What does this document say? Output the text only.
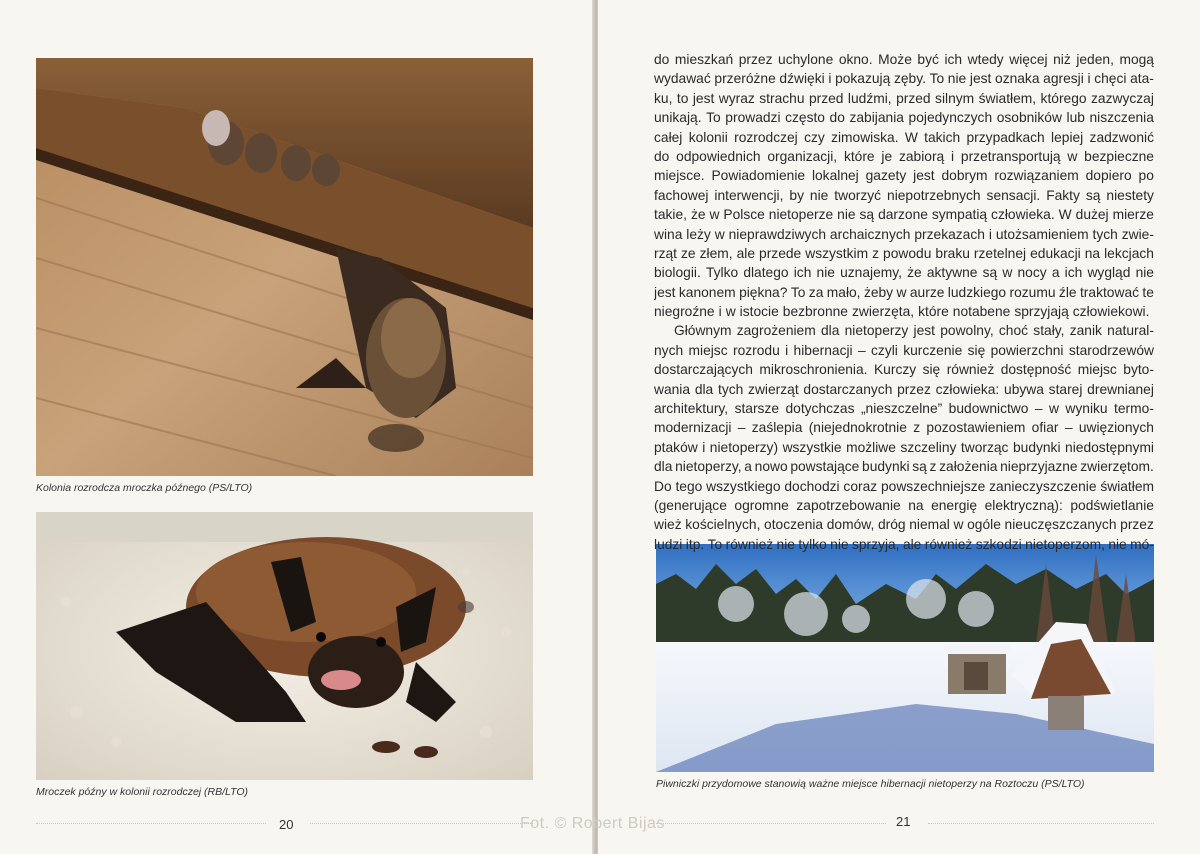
Kolonia rozrodcza mroczka późnego (PS/LTO)
Mroczek późny w kolonii rozrodczej (RB/LTO)
20
Piwniczki przydomowe stanowią ważne miejsce hibernacji nietoperzy na Roztoczu (PS/LTO)
21
do mieszkań przez uchylone okno. Może być ich wtedy więcej niż jeden, mogą
wydawać przeróżne dźwięki i pokazują zęby. To nie jest oznaka agresji i chęci ata-
ku, to jest wyraz strachu przed ludźmi, przed silnym światłem, którego zazwyczaj
unikają. To prowadzi często do zabijania pojedynczych osobników lub niszczenia
całej kolonii rozrodczej czy zimowiska. W takich przypadkach lepiej zadzwonić
do odpowiednich organizacji, które je zabiorą i przetransportują w bezpieczne
miejsce. Powiadomienie lokalnej gazety jest dobrym rozwiązaniem dopiero po
fachowej interwencji, by nie tworzyć niepotrzebnych sensacji. Fakty są niestety
takie, że w Polsce nietoperze nie są darzone sympatią człowieka. W dużej mierze
wina leży w nieprawdziwych archaicznych przekazach i utożsamieniem tych zwie-
rząt ze złem, ale przede wszystkim z powodu braku rzetelnej edukacji na lekcjach
biologii. Tylko dlatego ich nie uznajemy, że aktywne są w nocy a ich wygląd nie
jest kanonem piękna? To za mało, żeby w aurze ludzkiego rozumu źle traktować te
niegroźne i w istocie bezbronne zwierzęta, które notabene sprzyjają człowiekowi.
Głównym zagrożeniem dla nietoperzy jest powolny, choć stały, zanik natural-
nych miejsc rozrodu i hibernacji – czyli kurczenie się powierzchni starodrzewów
dostarczających mikroschronienia. Kurczy się również dostępność miejsc byto-
wania dla tych zwierząt dostarczanych przez człowieka: ubywa starej drewnianej
architektury, starsze dotychczas „nieszczelne” budownictwo – w wyniku termo-
modernizacji – zaślepia (niejednokrotnie z pozostawieniem ofiar – uwięzionych
ptaków i nietoperzy) wszystkie możliwe szczeliny tworząc budynki niedostępnymi
dla nietoperzy, a nowo powstające budynki są z założenia nieprzyjazne zwierzętom.
Do tego wszystkiego dochodzi coraz powszechniejsze zanieczyszczenie światłem
(generujące ogromne zapotrzebowanie na energię elektryczną): podświetlanie
wież kościelnych, otoczenia domów, dróg niemal w ogóle nieuczęszczanych przez
ludzi itp. To również nie tylko nie sprzyja, ale również szkodzi nietoperzom, nie mó-
Fot. © Robert Bijas
